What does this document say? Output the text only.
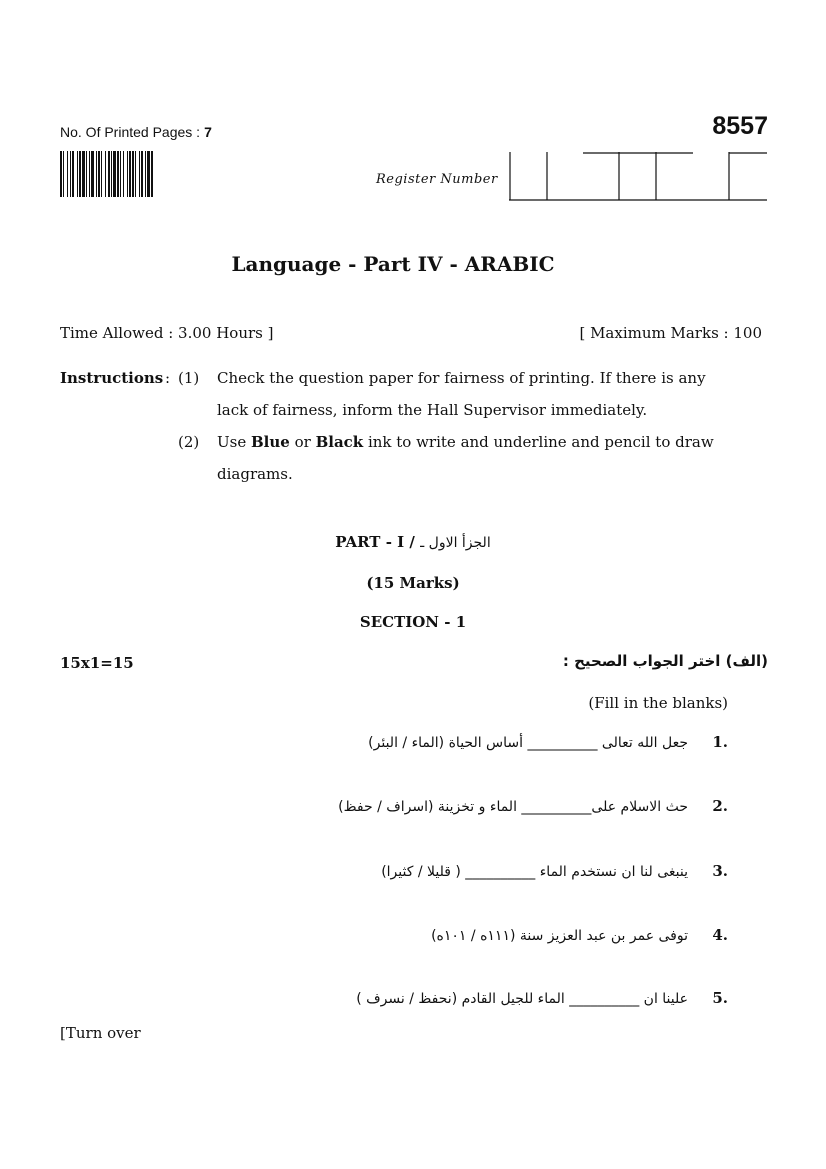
No. Of Printed Pages : 7	8557
Register Number
Language - Part IV - ARABIC
Time Allowed : 3.00 Hours ]	[ Maximum Marks : 100
Instructions : (1) Check the question paper for fairness of printing. If there is any
lack of fairness, inform the Hall Supervisor immediately.
(2) Use Blue or Black ink to write and underline and pencil to draw
diagrams.
PART - I / الجزأ الاول ـ
(15 Marks)
SECTION - 1
15x1=15	(الف) اختر الجواب الصحيح :
(Fill in the blanks)
1.
جعل الله تعالى __________ أساس الحياة (الماء / البئر)
2.
حث الاسلام على__________ الماء و تخزينة (اسراف / حفظ)
3.
ينبغى لنا ان نستخدم الماء __________ ( قليلا / كثيرا)
4.
توفى عمر بن عبد العزيز سنة (١١١ه / ١٠١ه)
5.
علينا ان __________ الماء للجيل القادم (نحفظ / نسرف )
[Turn over
